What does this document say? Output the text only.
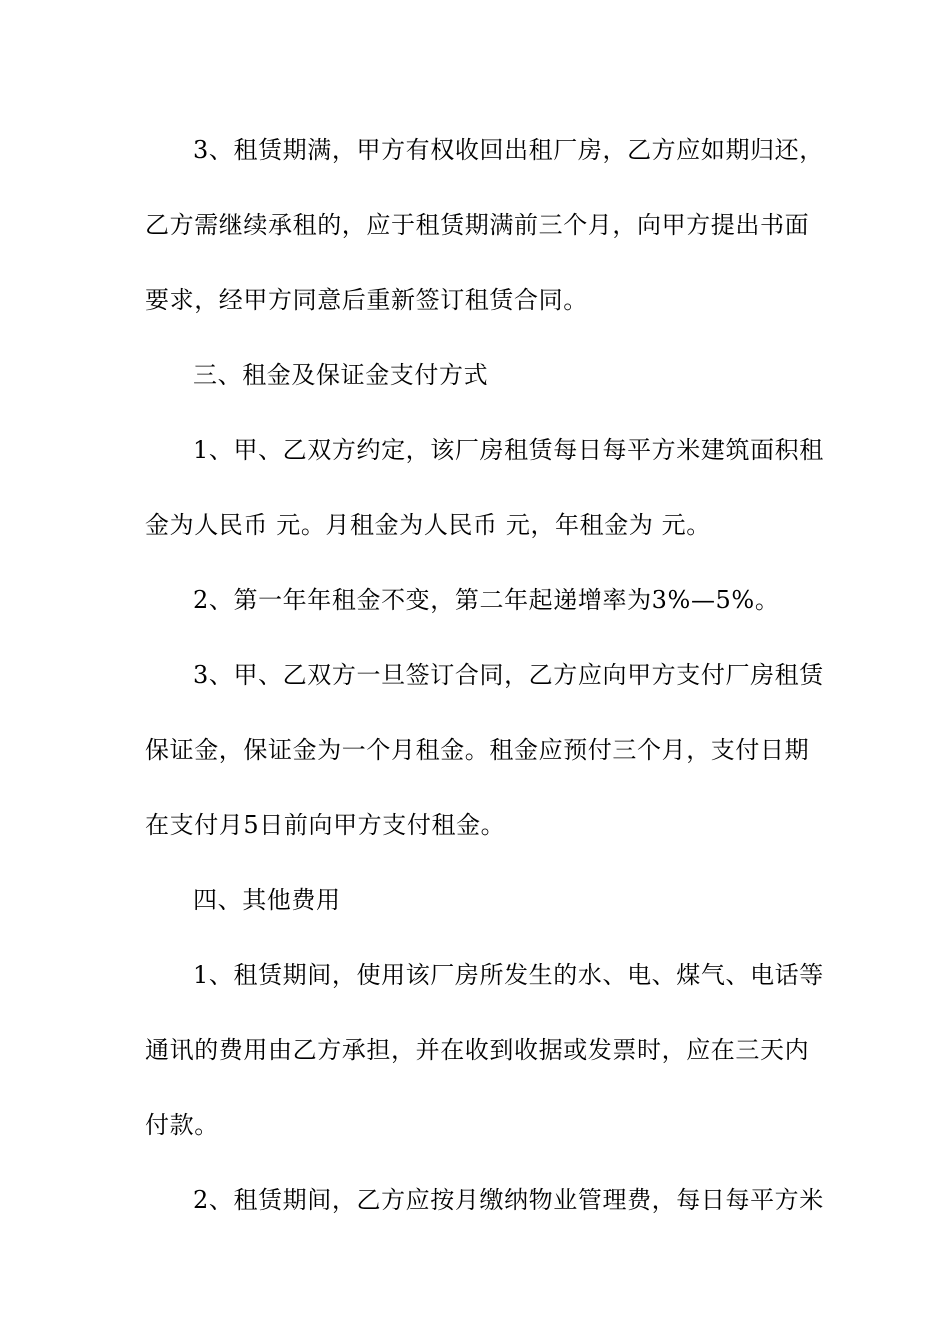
3、租赁期满，甲方有权收回出租厂房，乙方应如期归还，
乙方需继续承租的，应于租赁期满前三个月，向甲方提出书面
要求，经甲方同意后重新签订租赁合同。
三、租金及保证金支付方式
1、甲、乙双方约定，该厂房租赁每日每平方米建筑面积租
金为人民币 元。月租金为人民币 元，年租金为 元。
2、第一年年租金不变，第二年起递增率为3%—5%。
3、甲、乙双方一旦签订合同，乙方应向甲方支付厂房租赁
保证金，保证金为一个月租金。租金应预付三个月，支付日期
在支付月5日前向甲方支付租金。
四、其他费用
1、租赁期间，使用该厂房所发生的水、电、煤气、电话等
通讯的费用由乙方承担，并在收到收据或发票时，应在三天内
付款。
2、租赁期间，乙方应按月缴纳物业管理费，每日每平方米
